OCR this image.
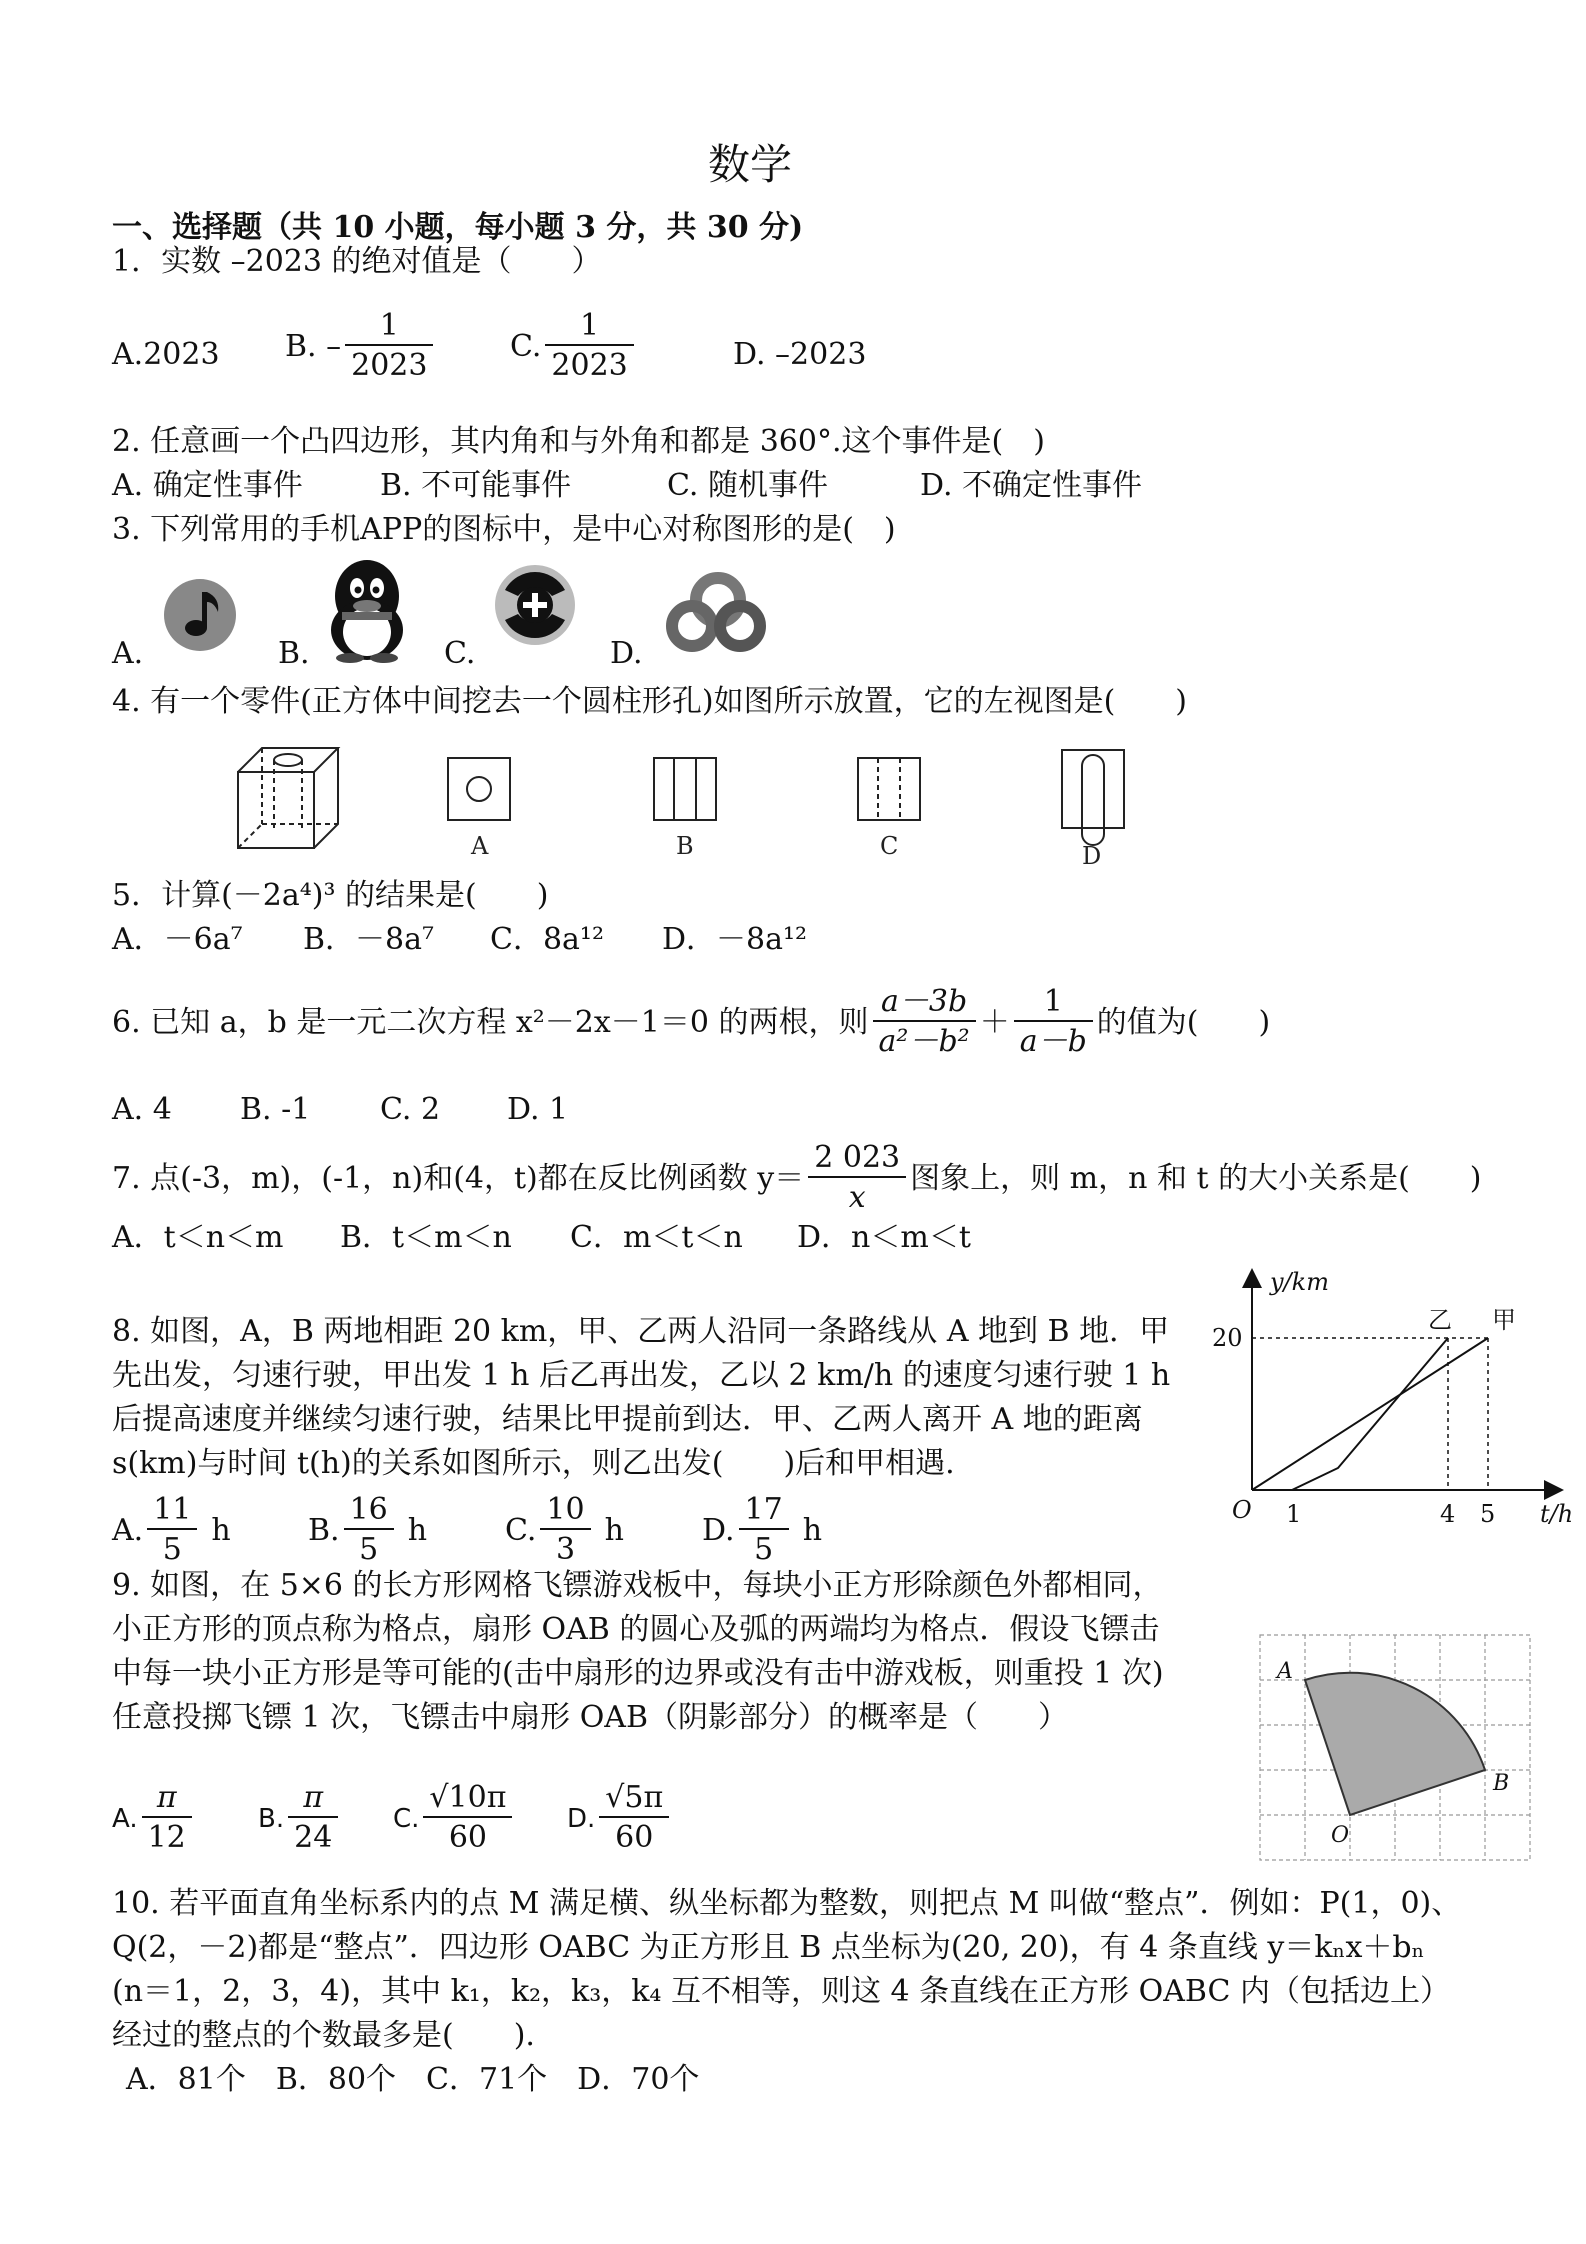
数学
一、选择题（共 10 小题，每小题 3 分，共 30 分)
1．实数 –2023 的绝对值是（　　）
A.2023 B. – $\frac{1}{2023}$	C. $\frac{1}{2023}$	D. –2023
2. 任意画一个凸四边形，其内角和与外角和都是 360°.这个事件是(　)
A. 确定性事件	B. 不可能事件	C. 随机事件	D. 不确定性事件
3. 下列常用的手机APP的图标中，是中心对称图形的是(　)
A.	B.	C.	D.
4. 有一个零件(正方体中间挖去一个圆柱形孔)如图所示放置，它的左视图是(　　)
A	B	C	D
5．计算(－2a⁴)³ 的结果是(　　)
A．－6a⁷ B．－8a⁷ C．8a¹² D．－8a¹²
6. 已知 a，b 是一元二次方程 x²－2x－1＝0 的两根，则 $\frac{a-3b}{\text{a²－b²}} + \frac{1}{a-b}$ 的值为(　　)
A. 4 B. -1 C. 2 D. 1
7. 点(-3，m)，(-1，n)和(4，t)都在反比例函数 $y= \frac{2 023}{x}$ 图象上，则 m，n 和 t 的大小关系是(　　)
A．t＜n＜m B．t＜m＜n C．m＜t＜n D．n＜m＜t
8. 如图，A，B 两地相距 20 km，甲、乙两人沿同一条路线从 A 地到 B 地．甲
先出发，匀速行驶，甲出发 1 h 后乙再出发，乙以 2 km/h 的速度匀速行驶 1 h
后提高速度并继续匀速行驶，结果比甲提前到达．甲、乙两人离开 A 地的距离
s(km)与时间 t(h)的关系如图所示，则乙出发(　　)后和甲相遇.
A. $\frac{11}{5}$ h	B. $\frac{16}{5}$ h	C. $\frac{10}{3}$ h	D. $\frac{17}{5}$ h
y/km
t/h
O
20
1	4 5
乙 甲
9. 如图，在 5×6 的长方形网格飞镖游戏板中，每块小正方形除颜色外都相同，
小正方形的顶点称为格点，扇形 OAB 的圆心及弧的两端均为格点．假设飞镖击
中每一块小正方形是等可能的(击中扇形的边界或没有击中游戏板，则重投 1 次)
任意投掷飞镖 1 次，飞镖击中扇形 OAB（阴影部分）的概率是（　　）
A. $\frac{\pi}{12}$	B. $\frac{\pi}{24} C$. $\frac{√10\pi}{60} D$. $\frac{√5\pi}{60}$
A
B
O
10. 若平面直角坐标系内的点 M 满足横、纵坐标都为整数，则把点 M 叫做“整点”．例如：P(1，0)、
Q(2，－2)都是“整点”．四边形 OABC 为正方形且 B 点坐标为(20, 20)，有 4 条直线 y＝kₙx＋bₙ
(n＝1，2，3，4)，其中 k₁，k₂，k₃，k₄ 互不相等，则这 4 条直线在正方形 OABC 内（包括边上）
经过的整点的个数最多是(　　).
A．81个　B．80个　C．71个　D．70个
